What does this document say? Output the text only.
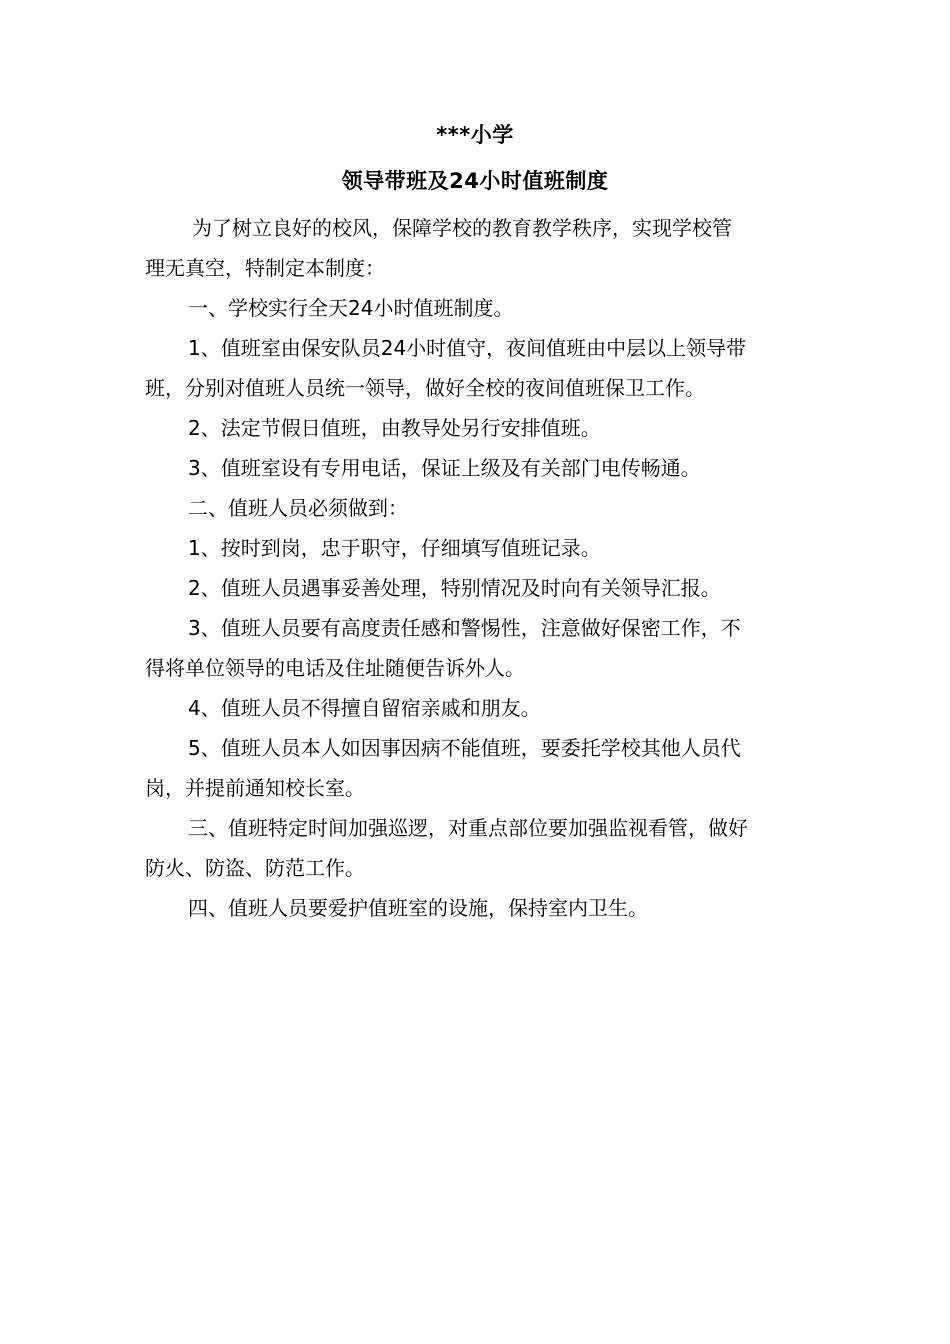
***小学
领导带班及24小时值班制度

为了树立良好的校风，保障学校的教育教学秩序，实现学校管

理无真空，特制定本制度：

一、学校实行全天24小时值班制度。

1、值班室由保安队员24小时值守，夜间值班由中层以上领导带

班，分别对值班人员统一领导，做好全校的夜间值班保卫工作。

2、法定节假日值班，由教导处另行安排值班。

3、值班室设有专用电话，保证上级及有关部门电传畅通。

二、值班人员必须做到：

1、按时到岗，忠于职守，仔细填写值班记录。

2、值班人员遇事妥善处理，特别情况及时向有关领导汇报。

3、值班人员要有高度责任感和警惕性，注意做好保密工作，不

得将单位领导的电话及住址随便告诉外人。

4、值班人员不得擅自留宿亲戚和朋友。

5、值班人员本人如因事因病不能值班，要委托学校其他人员代

岗，并提前通知校长室。

三、值班特定时间加强巡逻，对重点部位要加强监视看管，做好

防火、防盗、防范工作。

四、值班人员要爱护值班室的设施，保持室内卫生。
